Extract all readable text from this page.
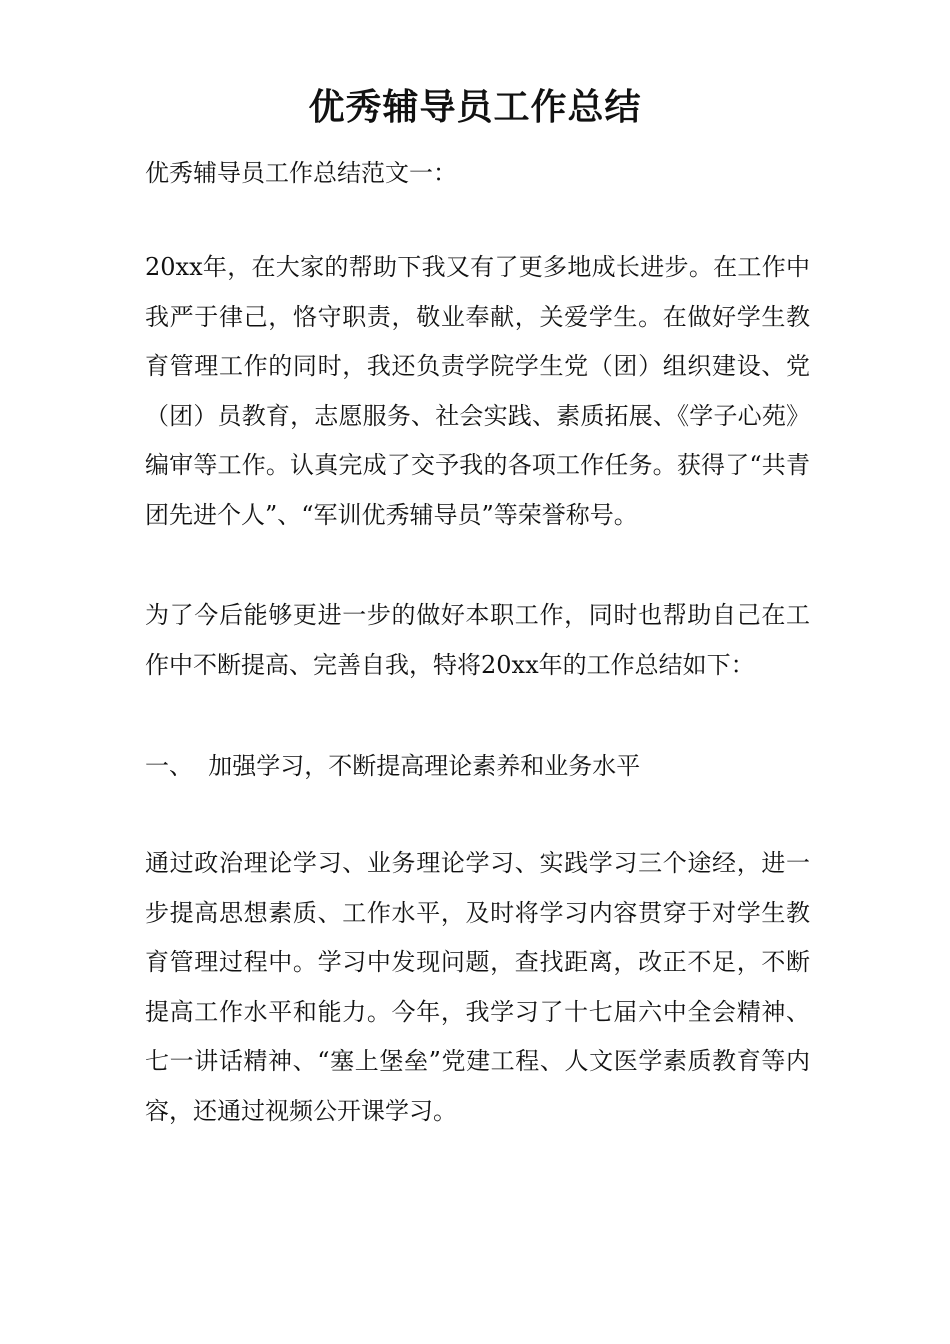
优秀辅导员工作总结
优秀辅导员工作总结范文一：
20xx年，在大家的帮助下我又有了更多地成长进步。在工作中我严于律己，恪守职责，敬业奉献，关爱学生。在做好学生教育管理工作的同时，我还负责学院学生党（团）组织建设、党（团）员教育，志愿服务、社会实践、素质拓展、《学子心苑》编审等工作。认真完成了交予我的各项工作任务。获得了“共青团先进个人”、“军训优秀辅导员”等荣誉称号。
为了今后能够更进一步的做好本职工作，同时也帮助自己在工作中不断提高、完善自我，特将20xx年的工作总结如下：
一、  加强学习，不断提高理论素养和业务水平
通过政治理论学习、业务理论学习、实践学习三个途经，进一步提高思想素质、工作水平，及时将学习内容贯穿于对学生教育管理过程中。学习中发现问题，查找距离，改正不足，不断提高工作水平和能力。今年，我学习了十七届六中全会精神、七一讲话精神、“塞上堡垒”党建工程、人文医学素质教育等内容，还通过视频公开课学习。
